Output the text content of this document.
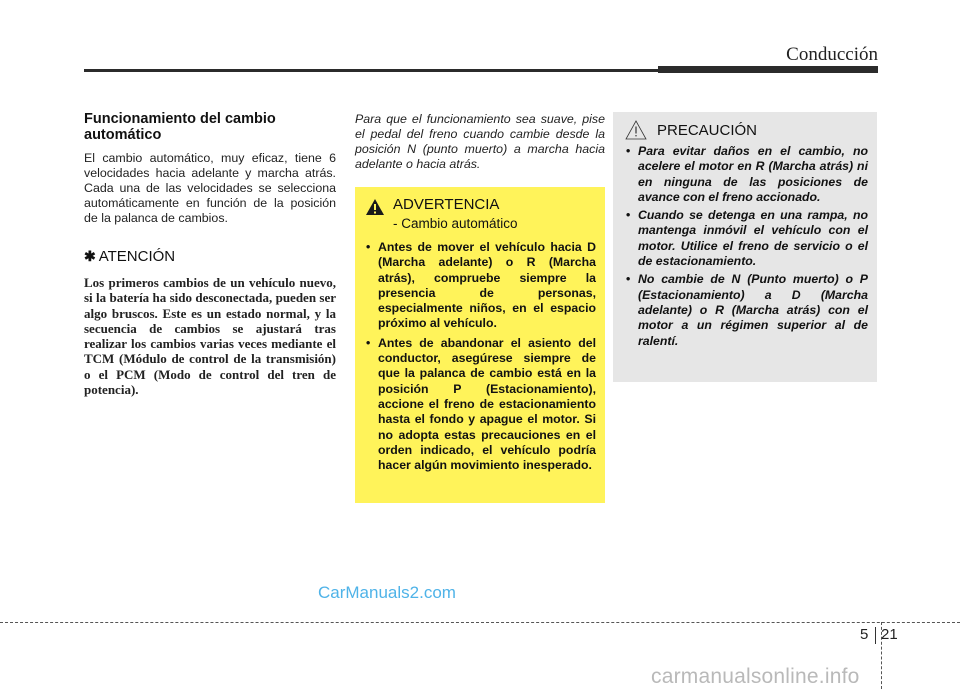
Conducción
Funcionamiento del cambio automático

El cambio automático, muy eficaz, tiene 6 velocidades hacia adelante y marcha atrás. Cada una de las velocidades se selecciona automáticamente en función de la posición de la palanca de cambios.

✱ ATENCIÓN
Los primeros cambios de un vehículo nuevo, si la batería ha sido desconectada, pueden ser algo bruscos. Este es un estado normal, y la secuencia de cambios se ajustará tras realizar los cambios varias veces mediante el TCM (Módulo de control de la transmisión) o el PCM (Modo de control del tren de potencia).

Para que el funcionamiento sea suave, pise el pedal del freno cuando cambie desde la posición N (punto muerto) a marcha hacia adelante o hacia atrás.

ADVERTENCIA
- Cambio automático
• Antes de mover el vehículo hacia D (Marcha adelante) o R (Marcha atrás), compruebe siempre la presencia de personas, especialmente niños, en el espacio próximo al vehículo.
• Antes de abandonar el asiento del conductor, asegúrese siempre de que la palanca de cambio está en la posición P (Estacionamiento), accione el freno de estacionamiento hasta el fondo y apague el motor. Si no adopta estas precauciones en el orden indicado, el vehículo podría hacer algún movimiento inesperado.
PRECAUCIÓN
• Para evitar daños en el cambio, no acelere el motor en R (Marcha atrás) ni en ninguna de las posiciones de avance con el freno accionado.
• Cuando se detenga en una rampa, no mantenga inmóvil el vehículo con el motor. Utilice el freno de servicio o el de estacionamiento.
• No cambie de N (Punto muerto) o P (Estacionamiento) a D (Marcha adelante) o R (Marcha atrás) con el motor a un régimen superior al de ralentí.
CarManuals2.com
5 21
carmanualsonline.info
